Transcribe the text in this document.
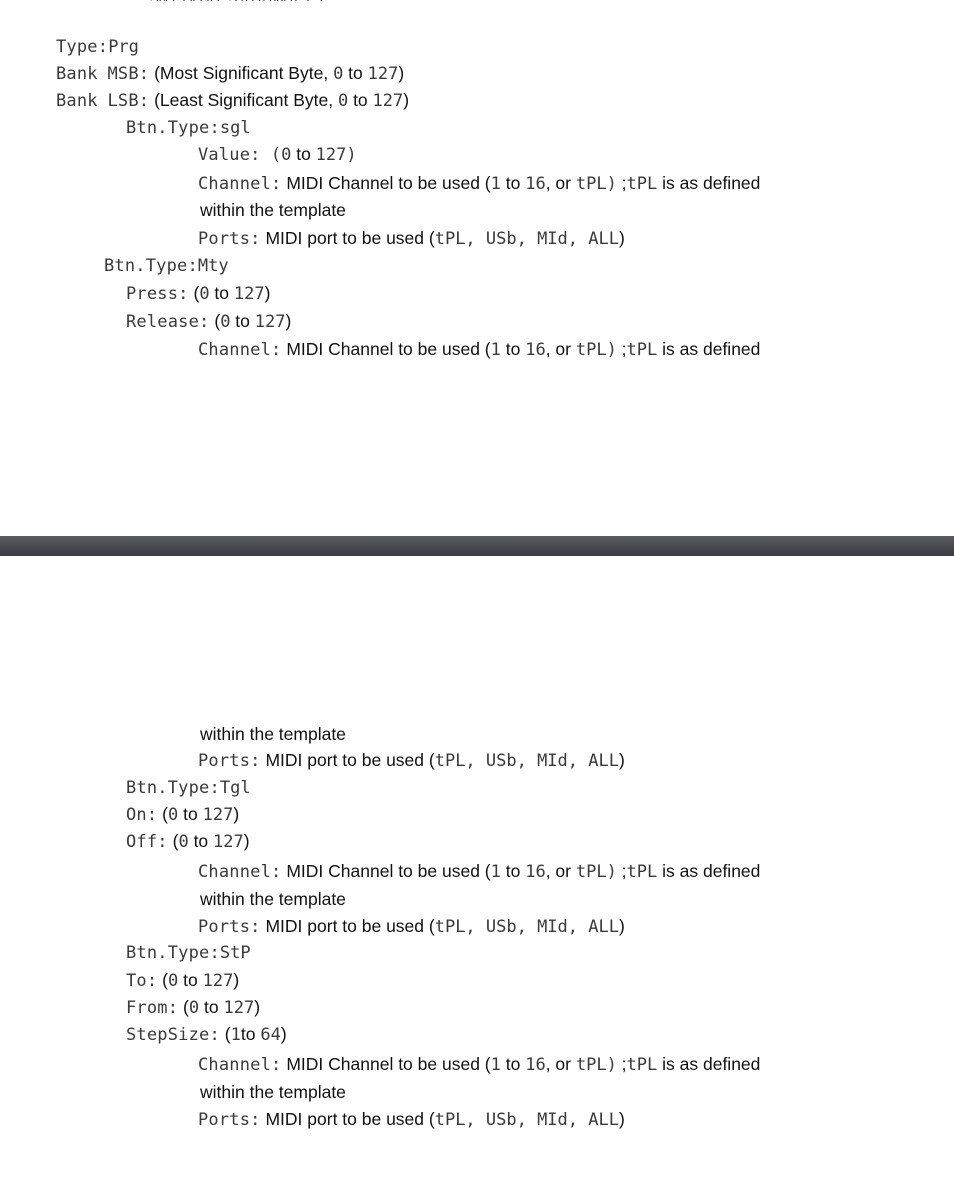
Type:Prg
Bank MSB: (Most Significant Byte, 0 to 127)
Bank LSB: (Least Significant Byte, 0 to 127)
Btn.Type:sgl
Value: (0 to 127)
Channel: MIDI Channel to be used (1 to 16, or tPL) ;tPL is as defined
within the template
Ports: MIDI port to be used (tPL, USb, MId, ALL)
Btn.Type:Mty
Press: (0 to 127)
Release: (0 to 127)
Channel: MIDI Channel to be used (1 to 16, or tPL) ;tPL is as defined
within the template
Ports: MIDI port to be used (tPL, USb, MId, ALL)
Btn.Type:Tgl
On: (0 to 127)
Off: (0 to 127)
Channel: MIDI Channel to be used (1 to 16, or tPL) ;tPL is as defined
within the template
Ports: MIDI port to be used (tPL, USb, MId, ALL)
Btn.Type:StP
To: (0 to 127)
From: (0 to 127)
StepSize: (1to 64)
Channel: MIDI Channel to be used (1 to 16, or tPL) ;tPL is as defined
within the template
Ports: MIDI port to be used (tPL, USb, MId, ALL)
